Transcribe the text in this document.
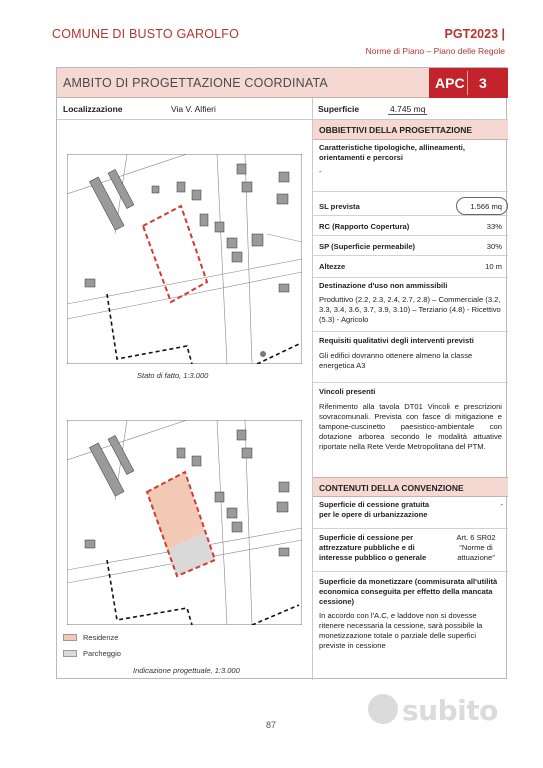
COMUNE DI BUSTO GAROLFO	PGT2023 |
Norme di Piano – Piano delle Regole
AMBITO DI PROGETTAZIONE COORDINATA	APC 3
Localizzazione	Via V. Alfieri	Superficie	4.745 mq
Stato di fatto, 1:3.000
Residenze
Parcheggio
Indicazione progettuale, 1:3.000
OBBIETTIVI DELLA PROGETTAZIONE
Caratteristiche tipologiche, allineamenti, orientamenti e percorsi
-
SL prevista	1.566 mq
RC (Rapporto Copertura)	33%
SP (Superficie permeabile)	30%
Altezze	10 m
Destinazione d'uso non ammissibili
Produttivo (2.2, 2.3, 2.4, 2.7, 2.8) – Commerciale (3.2, 3.3, 3.4, 3.6, 3.7, 3.9, 3.10) – Terziario (4.8) - Ricettivo (5.3) - Agricolo
Requisiti qualitativi degli interventi previsti
Gli edifici dovranno ottenere almeno la classe energetica A3
Vincoli presenti
Riferimento alla tavola DT01 Vincoli e prescrizioni sovracomunali. Prevista con fasce di mitigazione e tampone-cuscinetto paesistico-ambientale con dotazione arborea secondo le modalità attuative riportate nella Rete Verde Metropolitana del PTM.
CONTENUTI DELLA CONVENZIONE
Superficie di cessione gratuita per le opere di urbanizzazione
-
Superficie di cessione per attrezzature pubbliche e di interesse pubblico o generale
Art. 6 SR02 “Norme di attuazione”
Superficie da monetizzare (commisurata all'utilità economica conseguita per effetto della mancata cessione)
In accordo con l'A.C, e laddove non si dovesse ritenere necessaria la cessione, sarà possibile la monetizzazione totale o parziale delle superfici previste in cessione
87	subito
